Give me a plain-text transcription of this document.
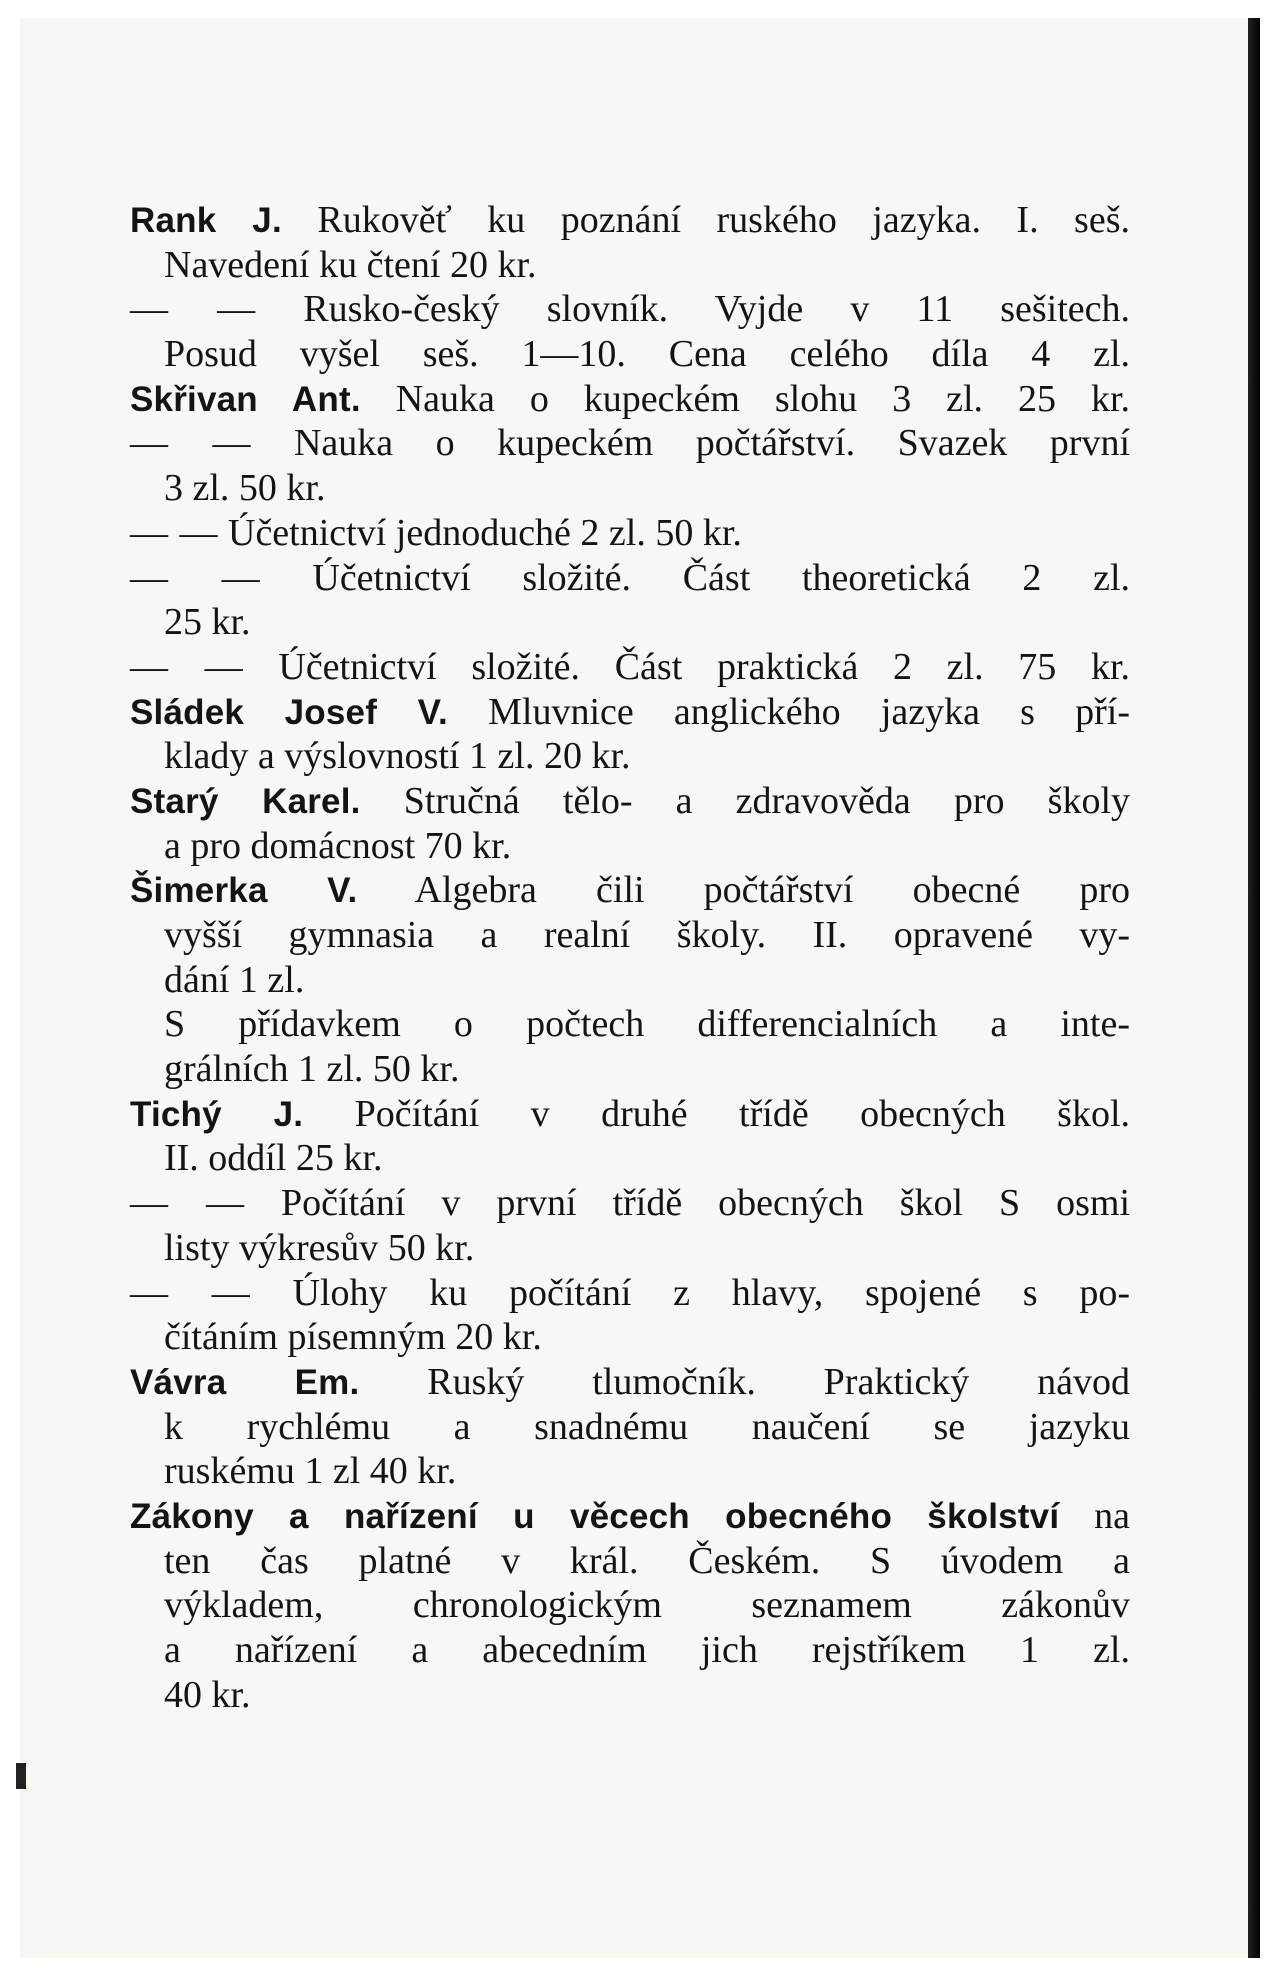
Rank J. Rukověť ku poznání ruského jazyka. I. seš.
Navedení ku čtení 20 kr.
— — Rusko-český slovník. Vyjde v 11 sešitech.
Posud vyšel seš. 1—10. Cena celého díla 4 zl.
Skřivan Ant. Nauka o kupeckém slohu 3 zl. 25 kr.
— — Nauka o kupeckém počtářství. Svazek první
3 zl. 50 kr.
— — Účetnictví jednoduché 2 zl. 50 kr.
— — Účetnictví složité. Část theoretická 2 zl.
25 kr.
— — Účetnictví složité. Část praktická 2 zl. 75 kr.
Sládek Josef V. Mluvnice anglického jazyka s pří-
klady a výslovností 1 zl. 20 kr.
Starý Karel. Stručná tělo- a zdravověda pro školy
a pro domácnost 70 kr.
Šimerka V. Algebra čili počtářství obecné pro
vyšší gymnasia a realní školy. II. opravené vy-
dání 1 zl.
S přídavkem o počtech differencialních a inte-
grálních 1 zl. 50 kr.
Tichý J. Počítání v druhé třídě obecných škol.
II. oddíl 25 kr.
— — Počítání v první třídě obecných škol S osmi
listy výkresův 50 kr.
— — Úlohy ku počítání z hlavy, spojené s po-
čítáním písemným 20 kr.
Vávra Em. Ruský tlumočník. Praktický návod
k rychlému a snadnému naučení se jazyku
ruskému 1 zl 40 kr.
Zákony a nařízení u věcech obecného školství na
ten čas platné v král. Českém. S úvodem a
výkladem, chronologickým seznamem zákonův
a nařízení a abecedním jich rejstříkem 1 zl.
40 kr.
